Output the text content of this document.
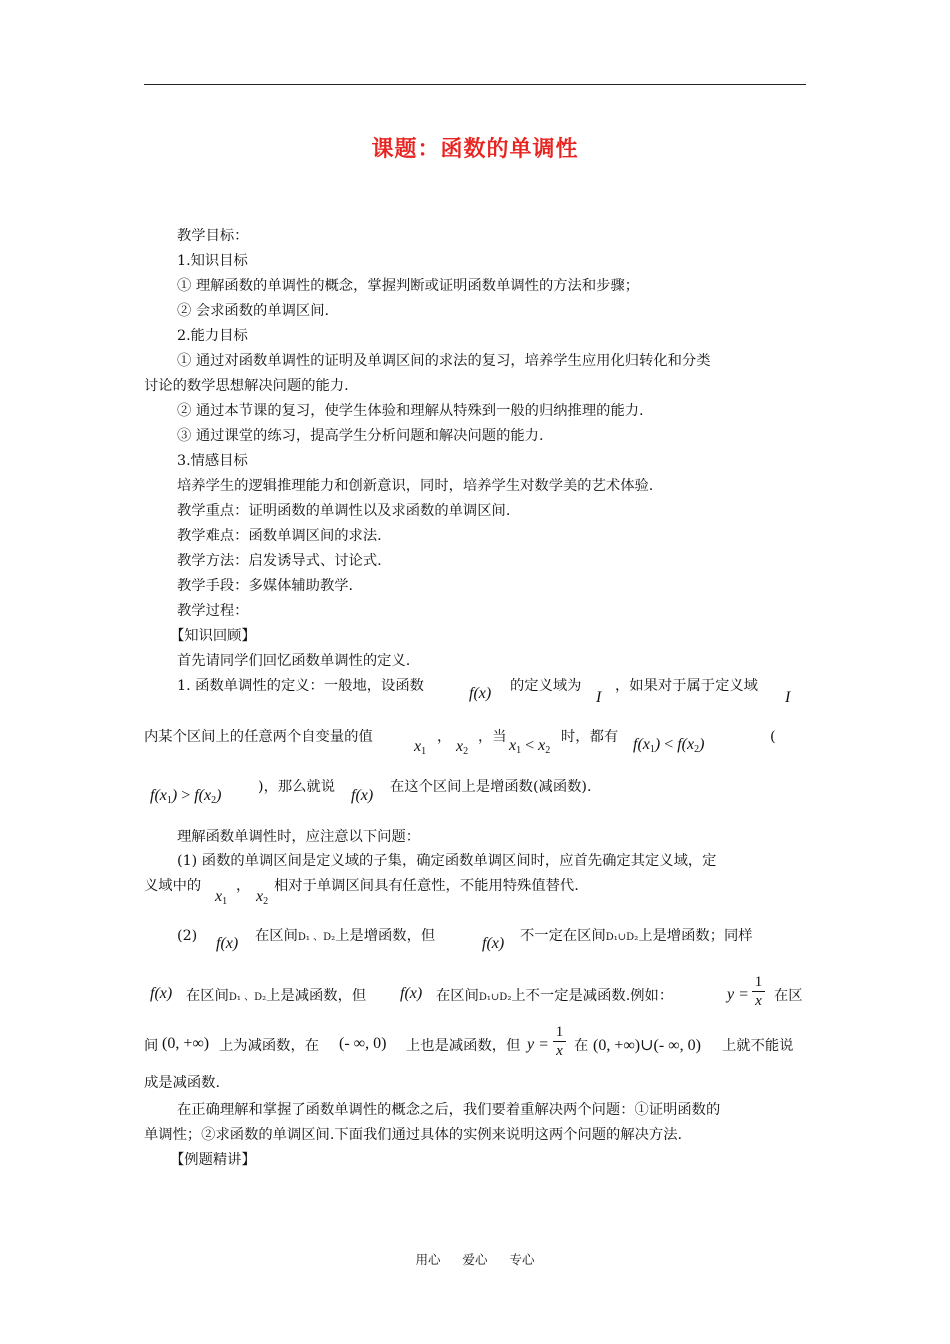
课题：函数的单调性
教学目标：
1.知识目标
① 理解函数的单调性的概念，掌握判断或证明函数单调性的方法和步骤；
② 会求函数的单调区间.
2.能力目标
① 通过对函数单调性的证明及单调区间的求法的复习，培养学生应用化归转化和分类
讨论的数学思想解决问题的能力.
② 通过本节课的复习，使学生体验和理解从特殊到一般的归纳推理的能力.
③ 通过课堂的练习，提高学生分析问题和解决问题的能力.
3.情感目标
培养学生的逻辑推理能力和创新意识，同时，培养学生对数学美的艺术体验.
教学重点：证明函数的单调性以及求函数的单调区间.
教学难点：函数单调区间的求法.
教学方法：启发诱导式、讨论式.
教学手段：多媒体辅助教学.
教学过程：
【知识回顾】
首先请同学们回忆函数单调性的定义.
1. 函数单调性的定义：一般地，设函数	f(x) 的定义域为
I
，如果对于属于定义域
I
内某个区间上的任意两个自变量的值
$x_1$
，
$x_2$
，当 $x_1 < x_2$
时，都有 $f(x_1) < f(x_2)$	(
$f(x_1) > f(x_2)$	)，那么就说 f(x) 在这个区间上是增函数(减函数).
理解函数单调性时，应注意以下问题：
(1) 函数的单调区间是定义域的子集，确定函数单调区间时，应首先确定其定义域，定
义域中的
$x_1$
，
$x_2$
相对于单调区间具有任意性，不能用特殊值替代.
(2) f(x) 在区间D₁ 、D₂上是增函数，但	f(x) 不一定在区间D₁∪D₂上是增函数；同样
f(x) 在区间D₁ 、D₂上是减函数，但 f(x) 在区间D₁∪D₂上不一定是减函数.例如：	y =
1
x 在区
间 (0, +∞) 上为减函数，在 (- ∞, 0) 上也是减函数，但 y =
1
x 在 (0, +∞)∪(- ∞, 0) 上就不能说
成是减函数.
在正确理解和掌握了函数单调性的概念之后，我们要着重解决两个问题：①证明函数的
单调性；②求函数的单调区间.下面我们通过具体的实例来说明这两个问题的解决方法.
【例题精讲】
用心 爱心 专心
